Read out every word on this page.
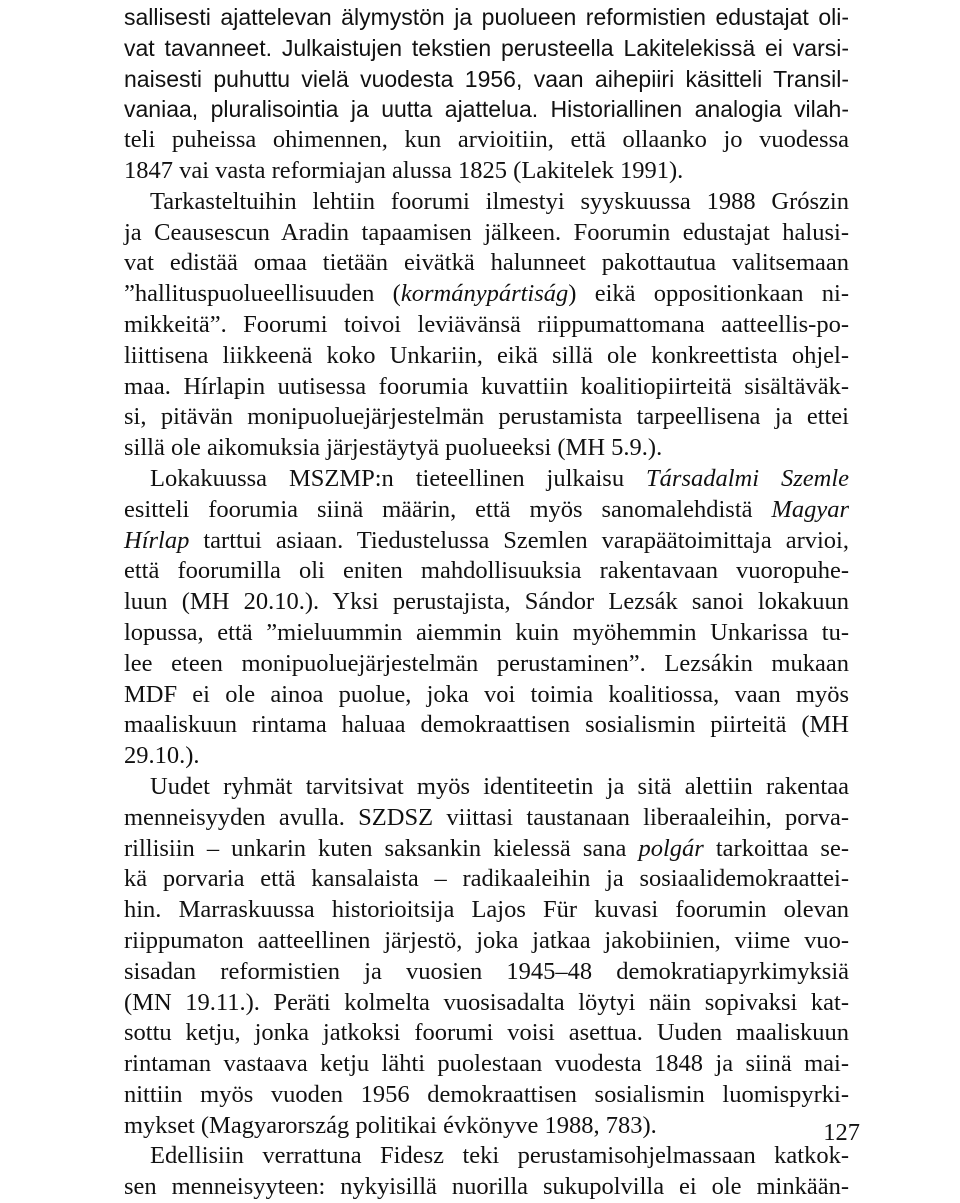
sallisesti ajattelevan älymystön ja puolueen reformistien edustajat oli-
vat tavanneet. Julkaistujen tekstien perusteella Lakitelekissä ei varsi-
naisesti puhuttu vielä vuodesta 1956, vaan aihepiiri käsitteli Transil-
vaniaa, pluralisointia ja uutta ajattelua. Historiallinen analogia vilah-
teli puheissa ohimennen, kun arvioitiin, että ollaanko jo vuodessa
1847 vai vasta reformiajan alussa 1825 (Lakitelek 1991).
Tarkasteltuihin lehtiin foorumi ilmestyi syyskuussa 1988 Grószin
ja Ceausescun Aradin tapaamisen jälkeen. Foorumin edustajat halusi-
vat edistää omaa tietään eivätkä halunneet pakottautua valitsemaan
”hallituspuolueellisuuden (kormánypártiság) eikä oppositionkaan ni-
mikkeitä”. Foorumi toivoi leviävänsä riippumattomana aatteellis-po-
liittisena liikkeenä koko Unkariin, eikä sillä ole konkreettista ohjel-
maa. Hírlapin uutisessa foorumia kuvattiin koalitiopiirteitä sisältäväk-
si, pitävän monipuoluejärjestelmän perustamista tarpeellisena ja ettei
sillä ole aikomuksia järjestäytyä puolueeksi (MH 5.9.).
Lokakuussa MSZMP:n tieteellinen julkaisu Társadalmi Szemle
esitteli foorumia siinä määrin, että myös sanomalehdistä Magyar
Hírlap tarttui asiaan. Tiedustelussa Szemlen varapäätoimittaja arvioi,
että foorumilla oli eniten mahdollisuuksia rakentavaan vuoropuhe-
luun (MH 20.10.). Yksi perustajista, Sándor Lezsák sanoi lokakuun
lopussa, että ”mieluummin aiemmin kuin myöhemmin Unkarissa tu-
lee eteen monipuoluejärjestelmän perustaminen”. Lezsákin mukaan
MDF ei ole ainoa puolue, joka voi toimia koalitiossa, vaan myös
maaliskuun rintama haluaa demokraattisen sosialismin piirteitä (MH
29.10.).
Uudet ryhmät tarvitsivat myös identiteetin ja sitä alettiin rakentaa
menneisyyden avulla. SZDSZ viittasi taustanaan liberaaleihin, porva-
rillisiin – unkarin kuten saksankin kielessä sana polgár tarkoittaa se-
kä porvaria että kansalaista – radikaaleihin ja sosiaalidemokraattei-
hin. Marraskuussa historioitsija Lajos Für kuvasi foorumin olevan
riippumaton aatteellinen järjestö, joka jatkaa jakobiinien, viime vuo-
sisadan reformistien ja vuosien 1945–48 demokratiapyrkimyksiä
(MN 19.11.). Peräti kolmelta vuosisadalta löytyi näin sopivaksi kat-
sottu ketju, jonka jatkoksi foorumi voisi asettua. Uuden maaliskuun
rintaman vastaava ketju lähti puolestaan vuodesta 1848 ja siinä mai-
nittiin myös vuoden 1956 demokraattisen sosialismin luomispyrki-
mykset (Magyarország politikai évkönyve 1988, 783).
Edellisiin verrattuna Fidesz teki perustamisohjelmassaan katkok-
sen menneisyyteen: nykyisillä nuorilla sukupolvilla ei ole minkään-
127
